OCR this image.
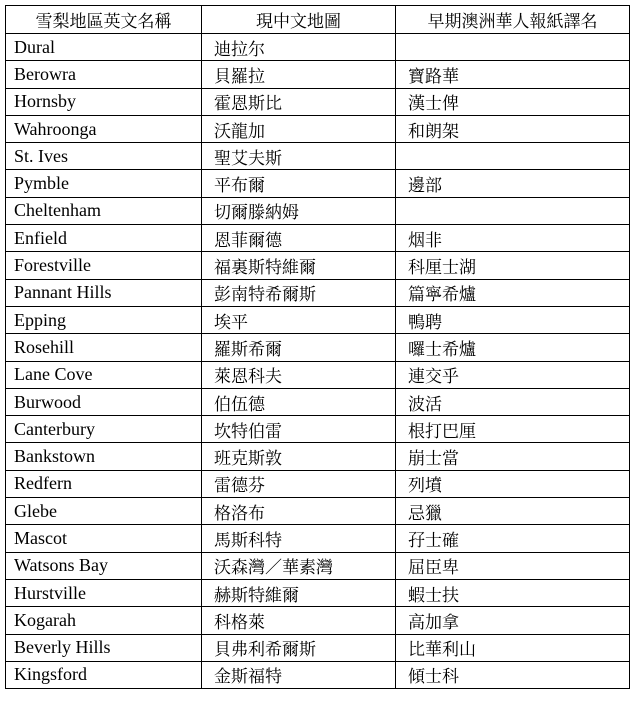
雪梨地區英文名稱	現中文地圖	早期澳洲華人報紙譯名
Dural	迪拉尔	
Berowra	貝羅拉	寶路華
Hornsby	霍恩斯比	漢士俾
Wahroonga	沃龍加	和朗架
St. Ives	聖艾夫斯	
Pymble	平布爾	邊部
Cheltenham	切爾滕納姆	
Enfield	恩菲爾德	烟非
Forestville	福裏斯特維爾	科厘士湖
Pannant Hills	彭南特希爾斯	篇寧希爐
Epping	埃平	鴨聘
Rosehill	羅斯希爾	囉士希爐
Lane Cove	萊恩科夫	連交乎
Burwood	伯伍德	波活
Canterbury	坎特伯雷	根打巴厘
Bankstown	班克斯敦	崩士當
Redfern	雷德芬	列墳
Glebe	格洛布	忌獵
Mascot	馬斯科特	孖士確
Watsons Bay	沃森灣／華素灣	屈臣卑
Hurstville	赫斯特維爾	蝦士扶
Kogarah	科格萊	高加拿
Beverly Hills	貝弗利希爾斯	比華利山
Kingsford	金斯福特	傾士科
